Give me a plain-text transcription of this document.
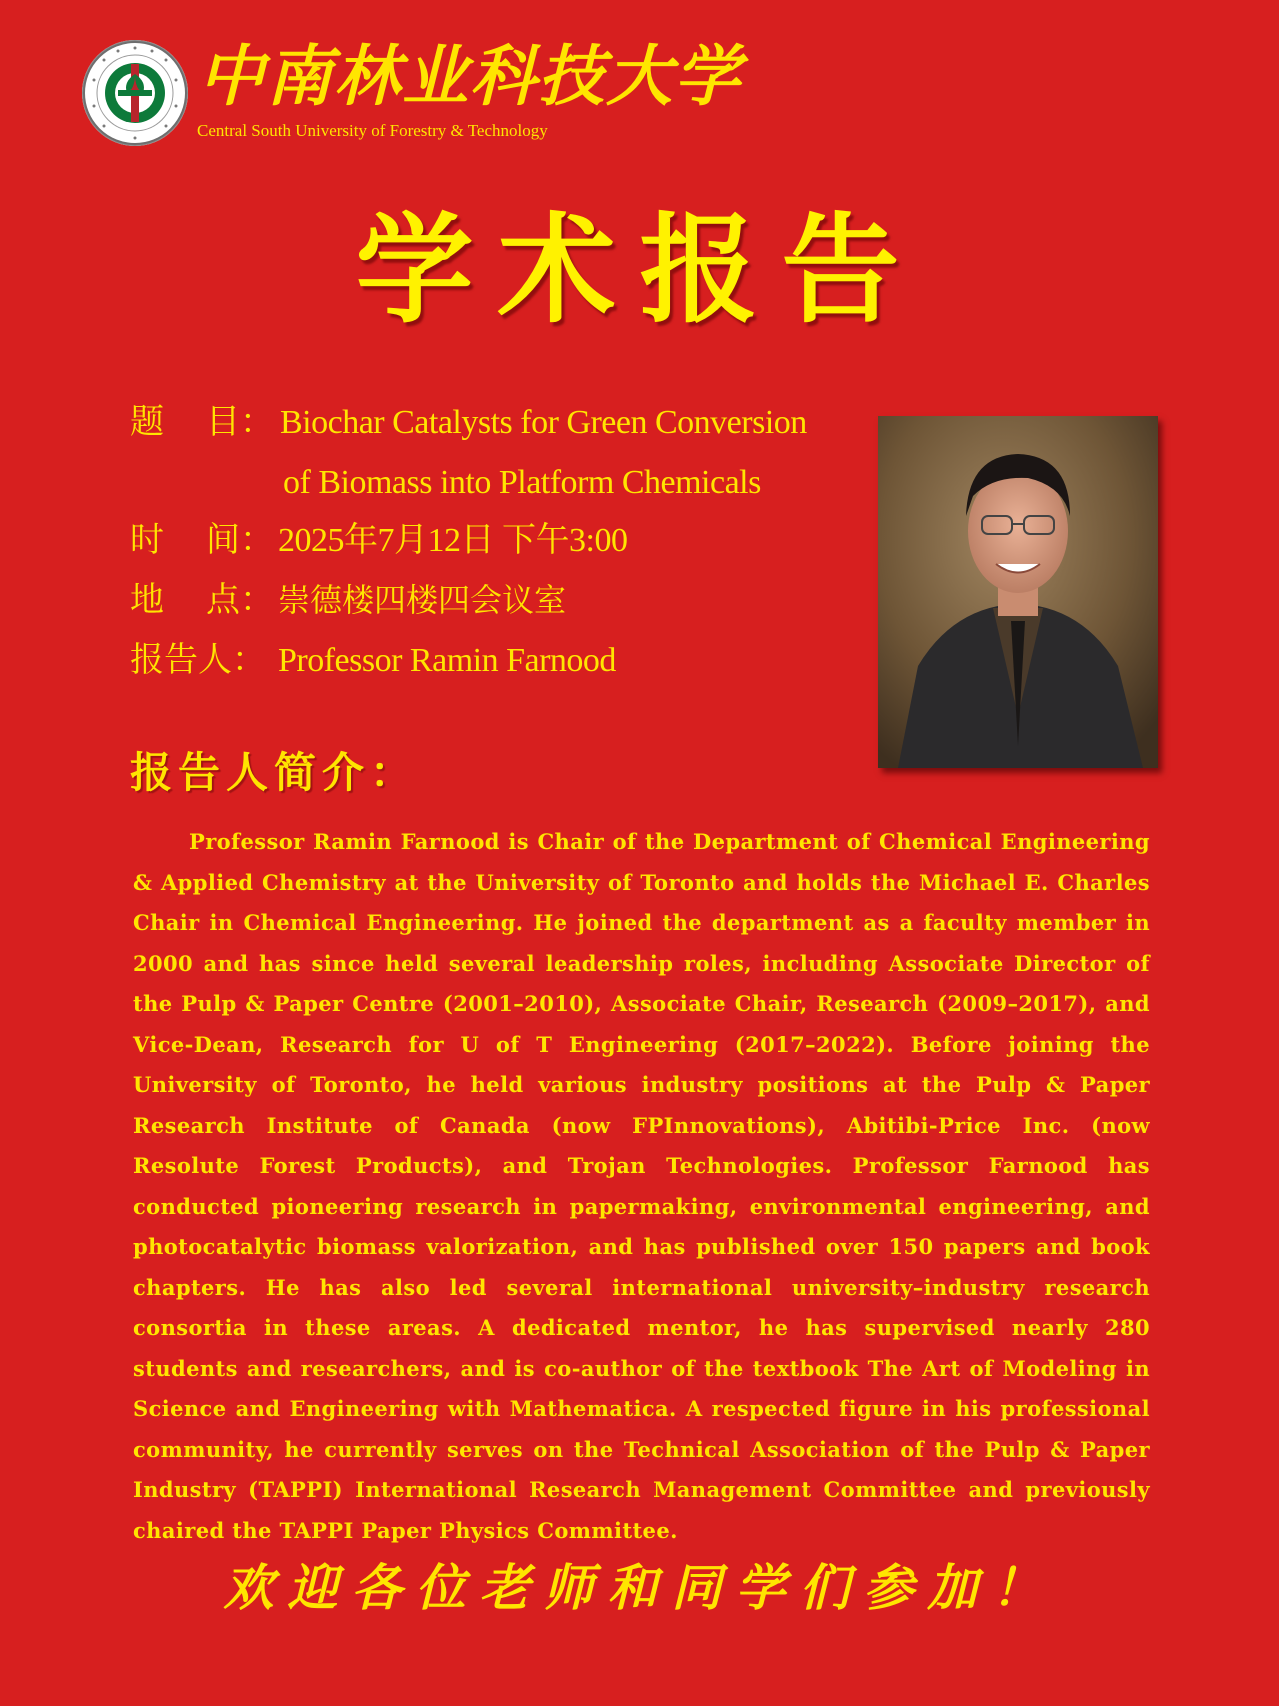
中南林业科技大学
Central South University of Forestry & Technology
学术报告
题 目： Biochar Catalysts for Green Conversion
of Biomass into Platform Chemicals
时 间： 2025年7月12日 下午3:00
地 点： 崇德楼四楼四会议室
报告人： Professor Ramin Farnood
报告人简介：
Professor Ramin Farnood is Chair of the Department of Chemical Engineering & Applied Chemistry at the University of Toronto and holds the Michael E. Charles Chair in Chemical Engineering. He joined the department as a faculty member in 2000 and has since held several leadership roles, including Associate Director of the Pulp & Paper Centre (2001–2010), Associate Chair, Research (2009–2017), and Vice-Dean, Research for U of T Engineering (2017–2022). Before joining the University of Toronto, he held various industry positions at the Pulp & Paper Research Institute of Canada (now FPInnovations), Abitibi-Price Inc. (now Resolute Forest Products), and Trojan Technologies. Professor Farnood has conducted pioneering research in papermaking, environmental engineering, and photocatalytic biomass valorization, and has published over 150 papers and book chapters. He has also led several international university–industry research consortia in these areas. A dedicated mentor, he has supervised nearly 280 students and researchers, and is co-author of the textbook The Art of Modeling in Science and Engineering with Mathematica. A respected figure in his professional community, he currently serves on the Technical Association of the Pulp & Paper Industry (TAPPI) International Research Management Committee and previously chaired the TAPPI Paper Physics Committee.
欢迎各位老师和同学们参加！
